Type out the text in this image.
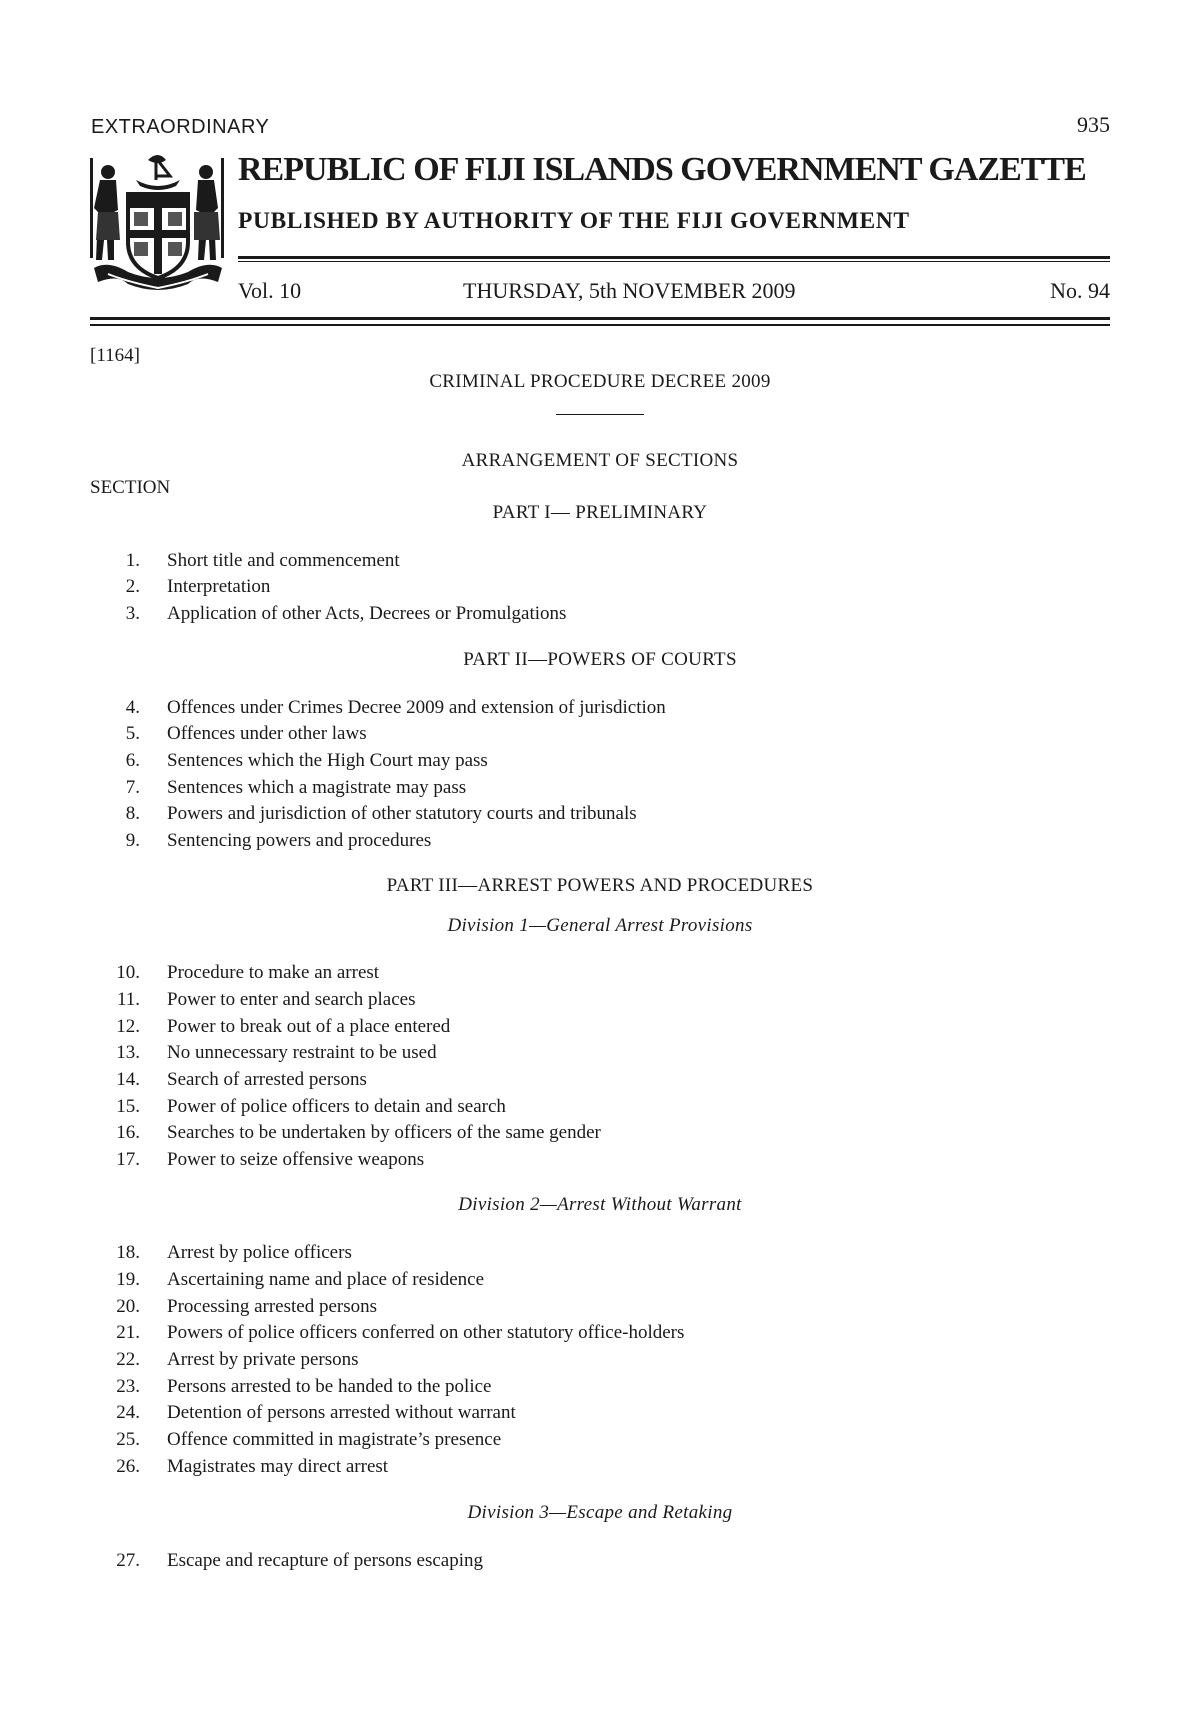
EXTRAORDINARY	935
REPUBLIC OF FIJI ISLANDS GOVERNMENT GAZETTE
PUBLISHED BY AUTHORITY OF THE FIJI GOVERNMENT
Vol. 10	THURSDAY, 5th NOVEMBER 2009	No. 94
[1164]
CRIMINAL PROCEDURE DECREE 2009
ARRANGEMENT OF SECTIONS
SECTION
PART I— PRELIMINARY
1. Short title and commencement
2. Interpretation
3. Application of other Acts, Decrees or Promulgations
PART II—POWERS OF COURTS
4. Offences under Crimes Decree 2009 and extension of jurisdiction
5. Offences under other laws
6. Sentences which the High Court may pass
7. Sentences which a magistrate may pass
8. Powers and jurisdiction of other statutory courts and tribunals
9. Sentencing powers and procedures
PART III—ARREST POWERS AND PROCEDURES
Division 1—General Arrest Provisions
10. Procedure to make an arrest
11. Power to enter and search places
12. Power to break out of a place entered
13. No unnecessary restraint to be used
14. Search of arrested persons
15. Power of police officers to detain and search
16. Searches to be undertaken by officers of the same gender
17. Power to seize offensive weapons
Division 2—Arrest Without Warrant
18. Arrest by police officers
19. Ascertaining name and place of residence
20. Processing arrested persons
21. Powers of police officers conferred on other statutory office-holders
22. Arrest by private persons
23. Persons arrested to be handed to the police
24. Detention of persons arrested without warrant
25. Offence committed in magistrate’s presence
26. Magistrates may direct arrest
Division 3—Escape and Retaking
27. Escape and recapture of persons escaping
